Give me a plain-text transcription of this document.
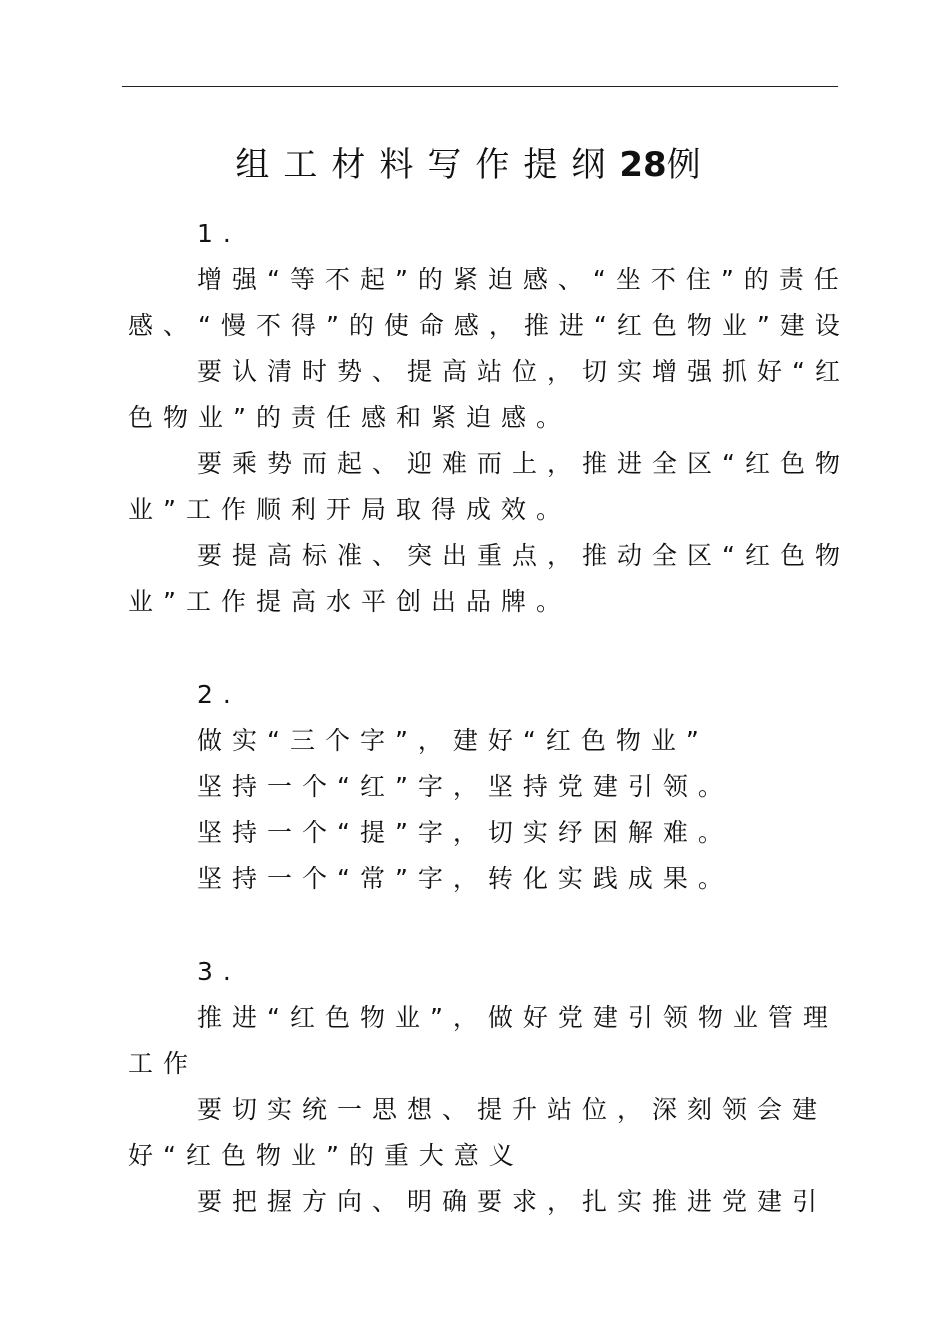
组工材料写作提纲28例
1.
增强“等不起”的紧迫感、“坐不住”的责任
感、“慢不得”的使命感，推进“红色物业”建设
要认清时势、提高站位，切实增强抓好“红
色物业”的责任感和紧迫感。
要乘势而起、迎难而上，推进全区“红色物
业”工作顺利开局取得成效。
要提高标准、突出重点，推动全区“红色物
业”工作提高水平创出品牌。
2.
做实“三个字”，建好“红色物业”
坚持一个“红”字，坚持党建引领。
坚持一个“提”字，切实纾困解难。
坚持一个“常”字，转化实践成果。
3.
推进“红色物业”，做好党建引领物业管理
工作
要切实统一思想、提升站位，深刻领会建
好“红色物业”的重大意义
要把握方向、明确要求，扎实推进党建引
